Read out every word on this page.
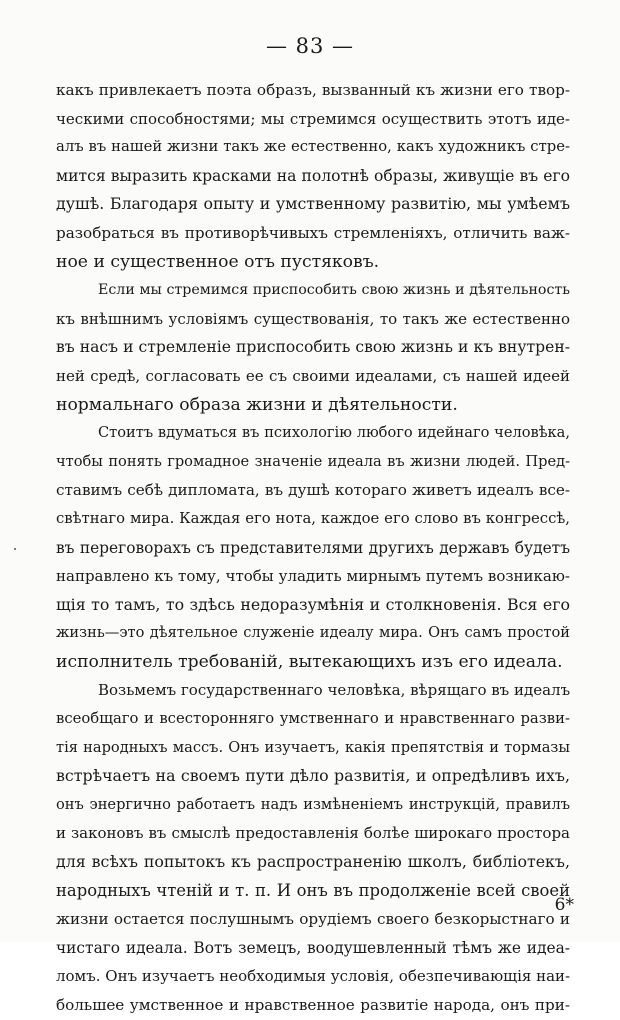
— 83 —
какъ привлекаетъ поэта образъ, вызванный къ жизни его твор-
ческими способностями; мы стремимся осуществить этотъ иде-
алъ въ нашей жизни такъ же естественно, какъ художникъ стре-
мится выразить красками на полотнѣ образы, живущіе въ его
душѣ. Благодаря опыту и умственному развитію, мы умѣемъ
разобраться въ противорѣчивыхъ стремленіяхъ, отличить важ-
ное и существенное отъ пустяковъ.
Если мы стремимся приспособить свою жизнь и дѣятельность
къ внѣшнимъ условіямъ существованія, то такъ же естественно
въ насъ и стремленіе приспособить свою жизнь и къ внутрен-
ней средѣ, согласовать ее съ своими идеалами, съ нашей идеей
нормальнаго образа жизни и дѣятельности.
Стоитъ вдуматься въ психологію любого идейнаго человѣка,
чтобы понять громадное значеніе идеала въ жизни людей. Пред-
ставимъ себѣ дипломата, въ душѣ котораго живетъ идеалъ все-
свѣтнаго мира. Каждая его нота, каждое его слово въ конгрессѣ,
въ переговорахъ съ представителями другихъ державъ будетъ
направлено къ тому, чтобы уладить мирнымъ путемъ возникаю-
щія то тамъ, то здѣсь недоразумѣнія и столкновенія. Вся его
жизнь—это дѣятельное служеніе идеалу мира. Онъ самъ простой
исполнитель требованій, вытекающихъ изъ его идеала.
Возьмемъ государственнаго человѣка, вѣрящаго въ идеалъ
всеобщаго и всесторонняго умственнаго и нравственнаго разви-
тія народныхъ массъ. Онъ изучаетъ, какія препятствія и тормазы
встрѣчаетъ на своемъ пути дѣло развитія, и опредѣливъ ихъ,
онъ энергично работаетъ надъ измѣненіемъ инструкцій, правилъ
и законовъ въ смыслѣ предоставленія болѣе широкаго простора
для всѣхъ попытокъ къ распространенію школъ, библіотекъ,
народныхъ чтеній и т. п. И онъ въ продолженіе всей своей
жизни остается послушнымъ орудіемъ своего безкорыстнаго и
чистаго идеала. Вотъ земецъ, воодушевленный тѣмъ же идеа-
ломъ. Онъ изучаетъ необходимыя условія, обезпечивающія наи-
большее умственное и нравственное развитіе народа, онъ при-
6*
